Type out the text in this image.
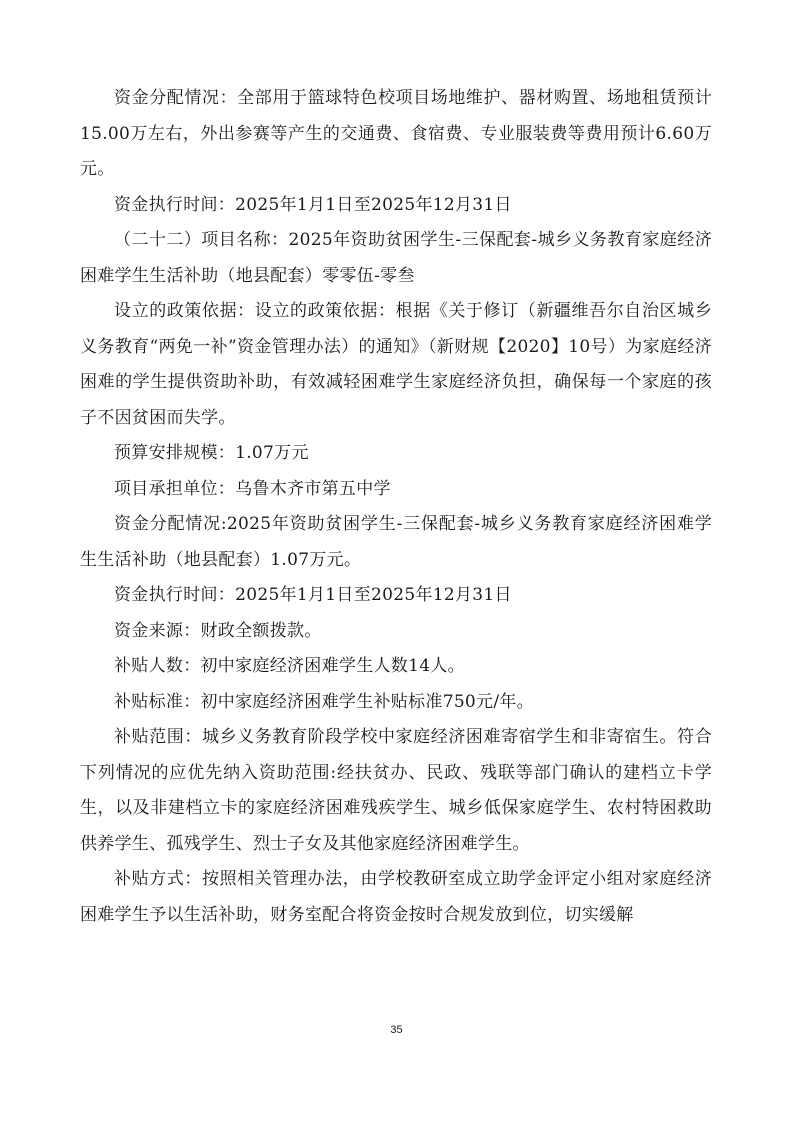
资金分配情况：全部用于篮球特色校项目场地维护、器材购置、场地租赁预计15.00万左右，外出参赛等产生的交通费、食宿费、专业服装费等费用预计6.60万元。

资金执行时间：2025年1月1日至2025年12月31日

（二十二）项目名称：2025年资助贫困学生-三保配套-城乡义务教育家庭经济困难学生生活补助（地县配套）零零伍-零叁

设立的政策依据：设立的政策依据：根据《关于修订（新疆维吾尔自治区城乡义务教育“两免一补”资金管理办法）的通知》（新财规【2020】10号）为家庭经济困难的学生提供资助补助，有效减轻困难学生家庭经济负担，确保每一个家庭的孩子不因贫困而失学。

预算安排规模：1.07万元

项目承担单位：乌鲁木齐市第五中学

资金分配情况:2025年资助贫困学生-三保配套-城乡义务教育家庭经济困难学生生活补助（地县配套）1.07万元。

资金执行时间：2025年1月1日至2025年12月31日

资金来源：财政全额拨款。

补贴人数：初中家庭经济困难学生人数14人。

补贴标准：初中家庭经济困难学生补贴标准750元/年。

补贴范围：城乡义务教育阶段学校中家庭经济困难寄宿学生和非寄宿生。符合下列情况的应优先纳入资助范围:经扶贫办、民政、残联等部门确认的建档立卡学生，以及非建档立卡的家庭经济困难残疾学生、城乡低保家庭学生、农村特困救助供养学生、孤残学生、烈士子女及其他家庭经济困难学生。

补贴方式：按照相关管理办法，由学校教研室成立助学金评定小组对家庭经济困难学生予以生活补助，财务室配合将资金按时合规发放到位，切实缓解

35
